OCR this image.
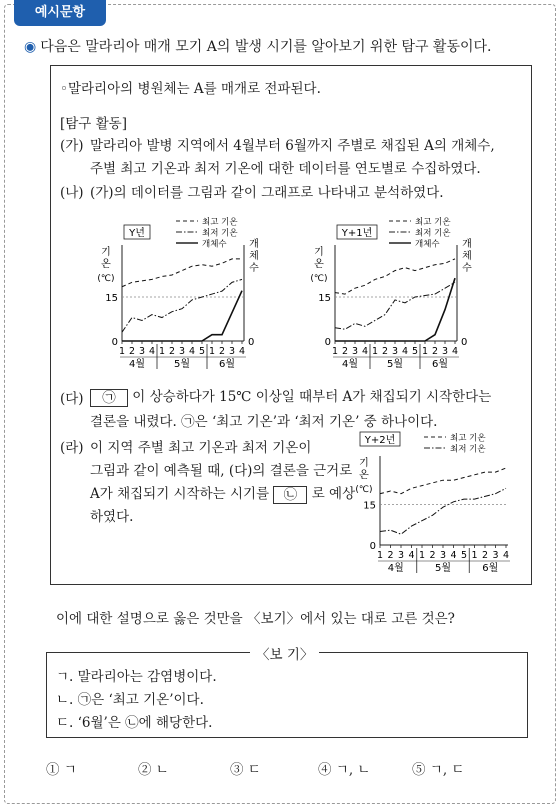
예시문항
◉ 다음은 말라리아 매개 모기 A의 발생 시기를 알아보기 위한 탐구 활동이다.
◦말라리아의 병원체는 A를 매개로 전파된다.
[탐구 활동]
(가) 말라리아 발병 지역에서 4월부터 6월까지 주별로 채집된 A의 개체수,
주별 최고 기온과 최저 기온에 대한 데이터를 연도별로 수집하였다.
(나) (가)의 데이터를 그림과 같이 그래프로 나타내고 분석하였다.
15
0	0
기
온
(℃)
개
체
수
Y년
최고 기온
최저 기온
개체수
1 2 3 4 1 2 3 4 5 1 2 3 4
4월	5월	6월
15
0	0
기
온
(℃)
개
체
수
Y+1년
최고 기온
최저 기온
개체수
1 2 3 4 1 2 3 4 5 1 2 3 4
4월	5월	6월
(다)	㉠ 이 상승하다가 15℃ 이상일 때부터 A가 채집되기 시작한다는
결론을 내렸다. ㉠은 ‘최고 기온’과 ‘최저 기온’ 중 하나이다.
(라) 이 지역 주별 최고 기온과 최저 기온이
그림과 같이 예측될 때, (다)의 결론을 근거로
A가 채집되기 시작하는 시기를 ㉡ 로 예상
하였다.
15
0
기
온
(℃)
Y+2년	최고 기온
최저 기온
1 2 3 4 1 2 3 4 5 1 2 3 4
4월	5월	6월
이에 대한 설명으로 옳은 것만을 〈보기〉에서 있는 대로 고른 것은?
〈보 기〉
ㄱ. 말라리아는 감염병이다.
ㄴ. ㉠은 ‘최고 기온’이다.
ㄷ. ‘6월’은 ㉡에 해당한다.
① ㄱ	② ㄴ	③ ㄷ	④ ㄱ, ㄴ	⑤ ㄱ, ㄷ
